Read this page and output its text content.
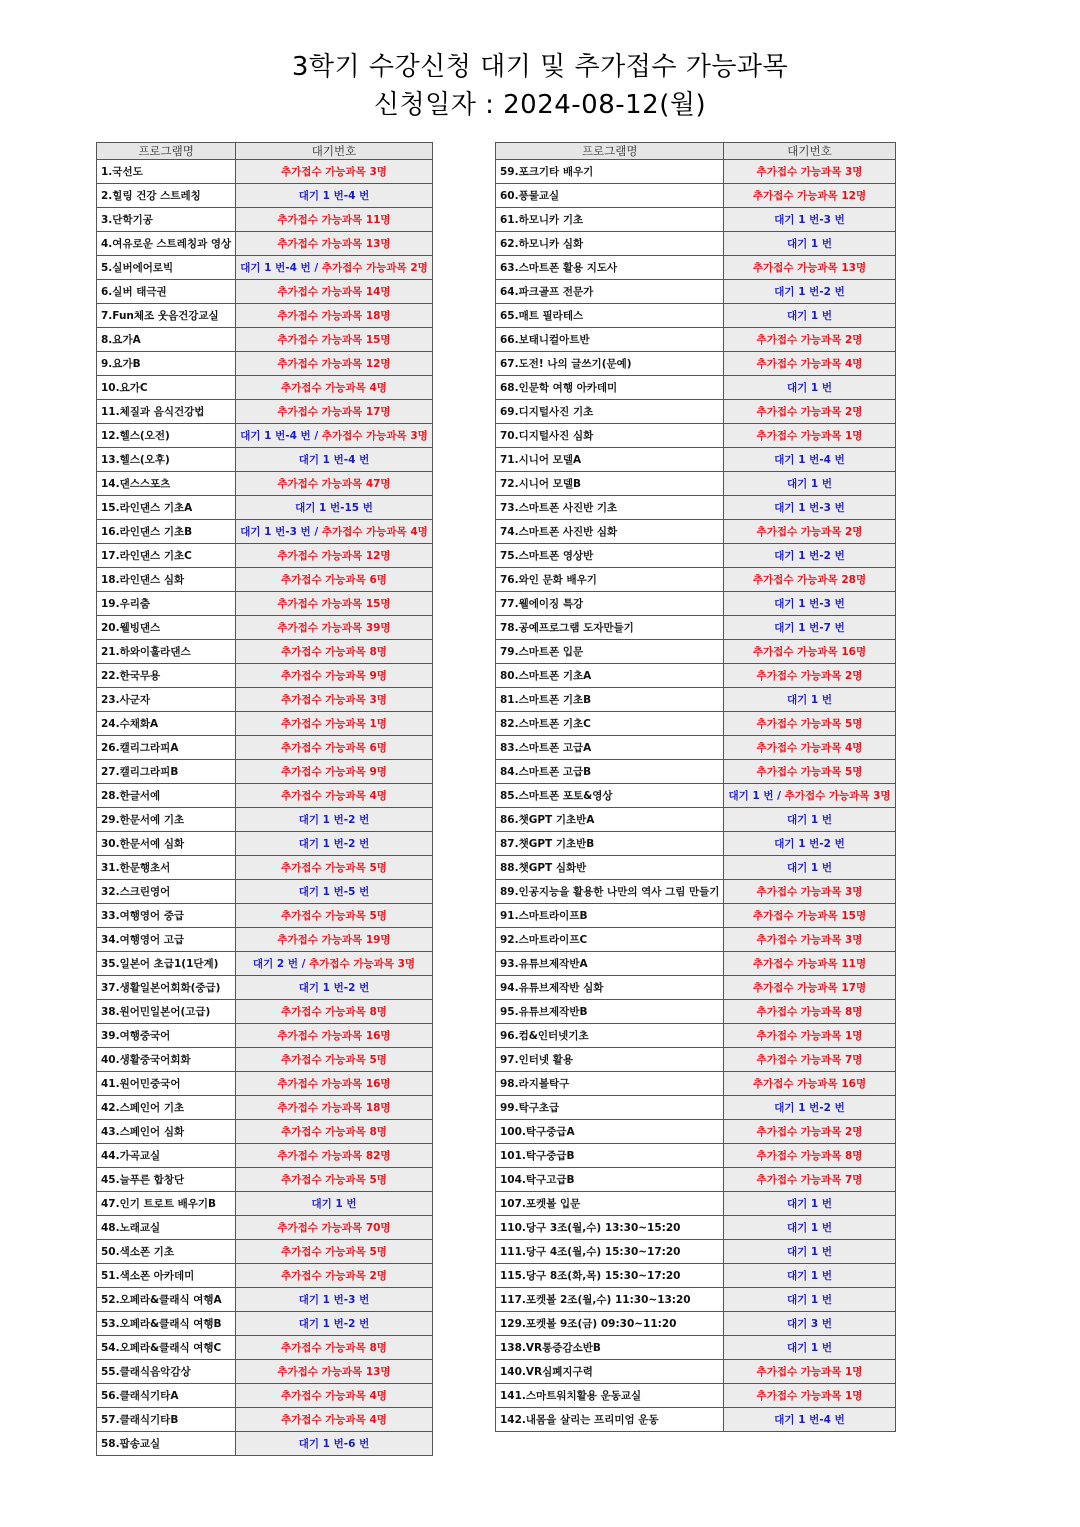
3학기 수강신청 대기 및 추가접수 가능과목
신청일자 : 2024-08-12(월)
프로그램명	대기번호
1.국선도	추가접수 가능과목 3명
2.힐링 건강 스트레칭	대기 1 번-4 번
3.단학기공	추가접수 가능과목 11명
4.여유로운 스트레칭과 영상	추가접수 가능과목 13명
5.실버에어로빅	대기 1 번-4 번 / 추가접수 가능과목 2명
6.실버 태극권	추가접수 가능과목 14명
7.Fun체조 웃음건강교실	추가접수 가능과목 18명
8.요가A	추가접수 가능과목 15명
9.요가B	추가접수 가능과목 12명
10.요가C	추가접수 가능과목 4명
11.체질과 음식건강법	추가접수 가능과목 17명
12.헬스(오전)	대기 1 번-4 번 / 추가접수 가능과목 3명
13.헬스(오후)	대기 1 번-4 번
14.댄스스포츠	추가접수 가능과목 47명
15.라인댄스 기초A	대기 1 번-15 번
16.라인댄스 기초B	대기 1 번-3 번 / 추가접수 가능과목 4명
17.라인댄스 기초C	추가접수 가능과목 12명
18.라인댄스 심화	추가접수 가능과목 6명
19.우리춤	추가접수 가능과목 15명
20.웰빙댄스	추가접수 가능과목 39명
21.하와이훌라댄스	추가접수 가능과목 8명
22.한국무용	추가접수 가능과목 9명
23.사군자	추가접수 가능과목 3명
24.수채화A	추가접수 가능과목 1명
26.캘리그라피A	추가접수 가능과목 6명
27.캘리그라피B	추가접수 가능과목 9명
28.한글서예	추가접수 가능과목 4명
29.한문서예 기초	대기 1 번-2 번
30.한문서예 심화	대기 1 번-2 번
31.한문행초서	추가접수 가능과목 5명
32.스크린영어	대기 1 번-5 번
33.여행영어 중급	추가접수 가능과목 5명
34.여행영어 고급	추가접수 가능과목 19명
35.일본어 초급1(1단계)	대기 2 번 / 추가접수 가능과목 3명
37.생활일본어회화(중급)	대기 1 번-2 번
38.원어민일본어(고급)	추가접수 가능과목 8명
39.여행중국어	추가접수 가능과목 16명
40.생활중국어회화	추가접수 가능과목 5명
41.원어민중국어	추가접수 가능과목 16명
42.스페인어 기초	추가접수 가능과목 18명
43.스페인어 심화	추가접수 가능과목 8명
44.가곡교실	추가접수 가능과목 82명
45.늘푸른 합창단	추가접수 가능과목 5명
47.인기 트로트 배우기B	대기 1 번
48.노래교실	추가접수 가능과목 70명
50.색소폰 기초	추가접수 가능과목 5명
51.색소폰 아카데미	추가접수 가능과목 2명
52.오페라&클래식 여행A	대기 1 번-3 번
53.오페라&클래식 여행B	대기 1 번-2 번
54.오페라&클래식 여행C	추가접수 가능과목 8명
55.클래식음악감상	추가접수 가능과목 13명
56.클래식기타A	추가접수 가능과목 4명
57.클래식기타B	추가접수 가능과목 4명
58.팝송교실	대기 1 번-6 번
프로그램명	대기번호
59.포크기타 배우기	추가접수 가능과목 3명
60.풍물교실	추가접수 가능과목 12명
61.하모니카 기초	대기 1 번-3 번
62.하모니카 심화	대기 1 번
63.스마트폰 활용 지도사	추가접수 가능과목 13명
64.파크골프 전문가	대기 1 번-2 번
65.매트 필라테스	대기 1 번
66.보태니컬아트반	추가접수 가능과목 2명
67.도전! 나의 글쓰기(문예)	추가접수 가능과목 4명
68.인문학 여행 아카데미	대기 1 번
69.디지털사진 기초	추가접수 가능과목 2명
70.디지털사진 심화	추가접수 가능과목 1명
71.시니어 모델A	대기 1 번-4 번
72.시니어 모델B	대기 1 번
73.스마트폰 사진반 기초	대기 1 번-3 번
74.스마트폰 사진반 심화	추가접수 가능과목 2명
75.스마트폰 영상반	대기 1 번-2 번
76.와인 문화 배우기	추가접수 가능과목 28명
77.웰에이징 특강	대기 1 번-3 번
78.공예프로그램 도자만들기	대기 1 번-7 번
79.스마트폰 입문	추가접수 가능과목 16명
80.스마트폰 기초A	추가접수 가능과목 2명
81.스마트폰 기초B	대기 1 번
82.스마트폰 기초C	추가접수 가능과목 5명
83.스마트폰 고급A	추가접수 가능과목 4명
84.스마트폰 고급B	추가접수 가능과목 5명
85.스마트폰 포토&영상	대기 1 번 / 추가접수 가능과목 3명
86.챗GPT 기초반A	대기 1 번
87.챗GPT 기초반B	대기 1 번-2 번
88.챗GPT 심화반	대기 1 번
89.인공지능을 활용한 나만의 역사 그림 만들기	추가접수 가능과목 3명
91.스마트라이프B	추가접수 가능과목 15명
92.스마트라이프C	추가접수 가능과목 3명
93.유튜브제작반A	추가접수 가능과목 11명
94.유튜브제작반 심화	추가접수 가능과목 17명
95.유튜브제작반B	추가접수 가능과목 8명
96.컴&인터넷기초	추가접수 가능과목 1명
97.인터넷 활용	추가접수 가능과목 7명
98.라지볼탁구	추가접수 가능과목 16명
99.탁구초급	대기 1 번-2 번
100.탁구중급A	추가접수 가능과목 2명
101.탁구중급B	추가접수 가능과목 8명
104.탁구고급B	추가접수 가능과목 7명
107.포켓볼 입문	대기 1 번
110.당구 3조(월,수) 13:30~15:20	대기 1 번
111.당구 4조(월,수) 15:30~17:20	대기 1 번
115.당구 8조(화,목) 15:30~17:20	대기 1 번
117.포켓볼 2조(월,수) 11:30~13:20	대기 1 번
129.포켓볼 9조(금) 09:30~11:20	대기 3 번
138.VR통증감소반B	대기 1 번
140.VR심폐지구력	추가접수 가능과목 1명
141.스마트워치활용 운동교실	추가접수 가능과목 1명
142.내몸을 살리는 프리미엄 운동	대기 1 번-4 번
